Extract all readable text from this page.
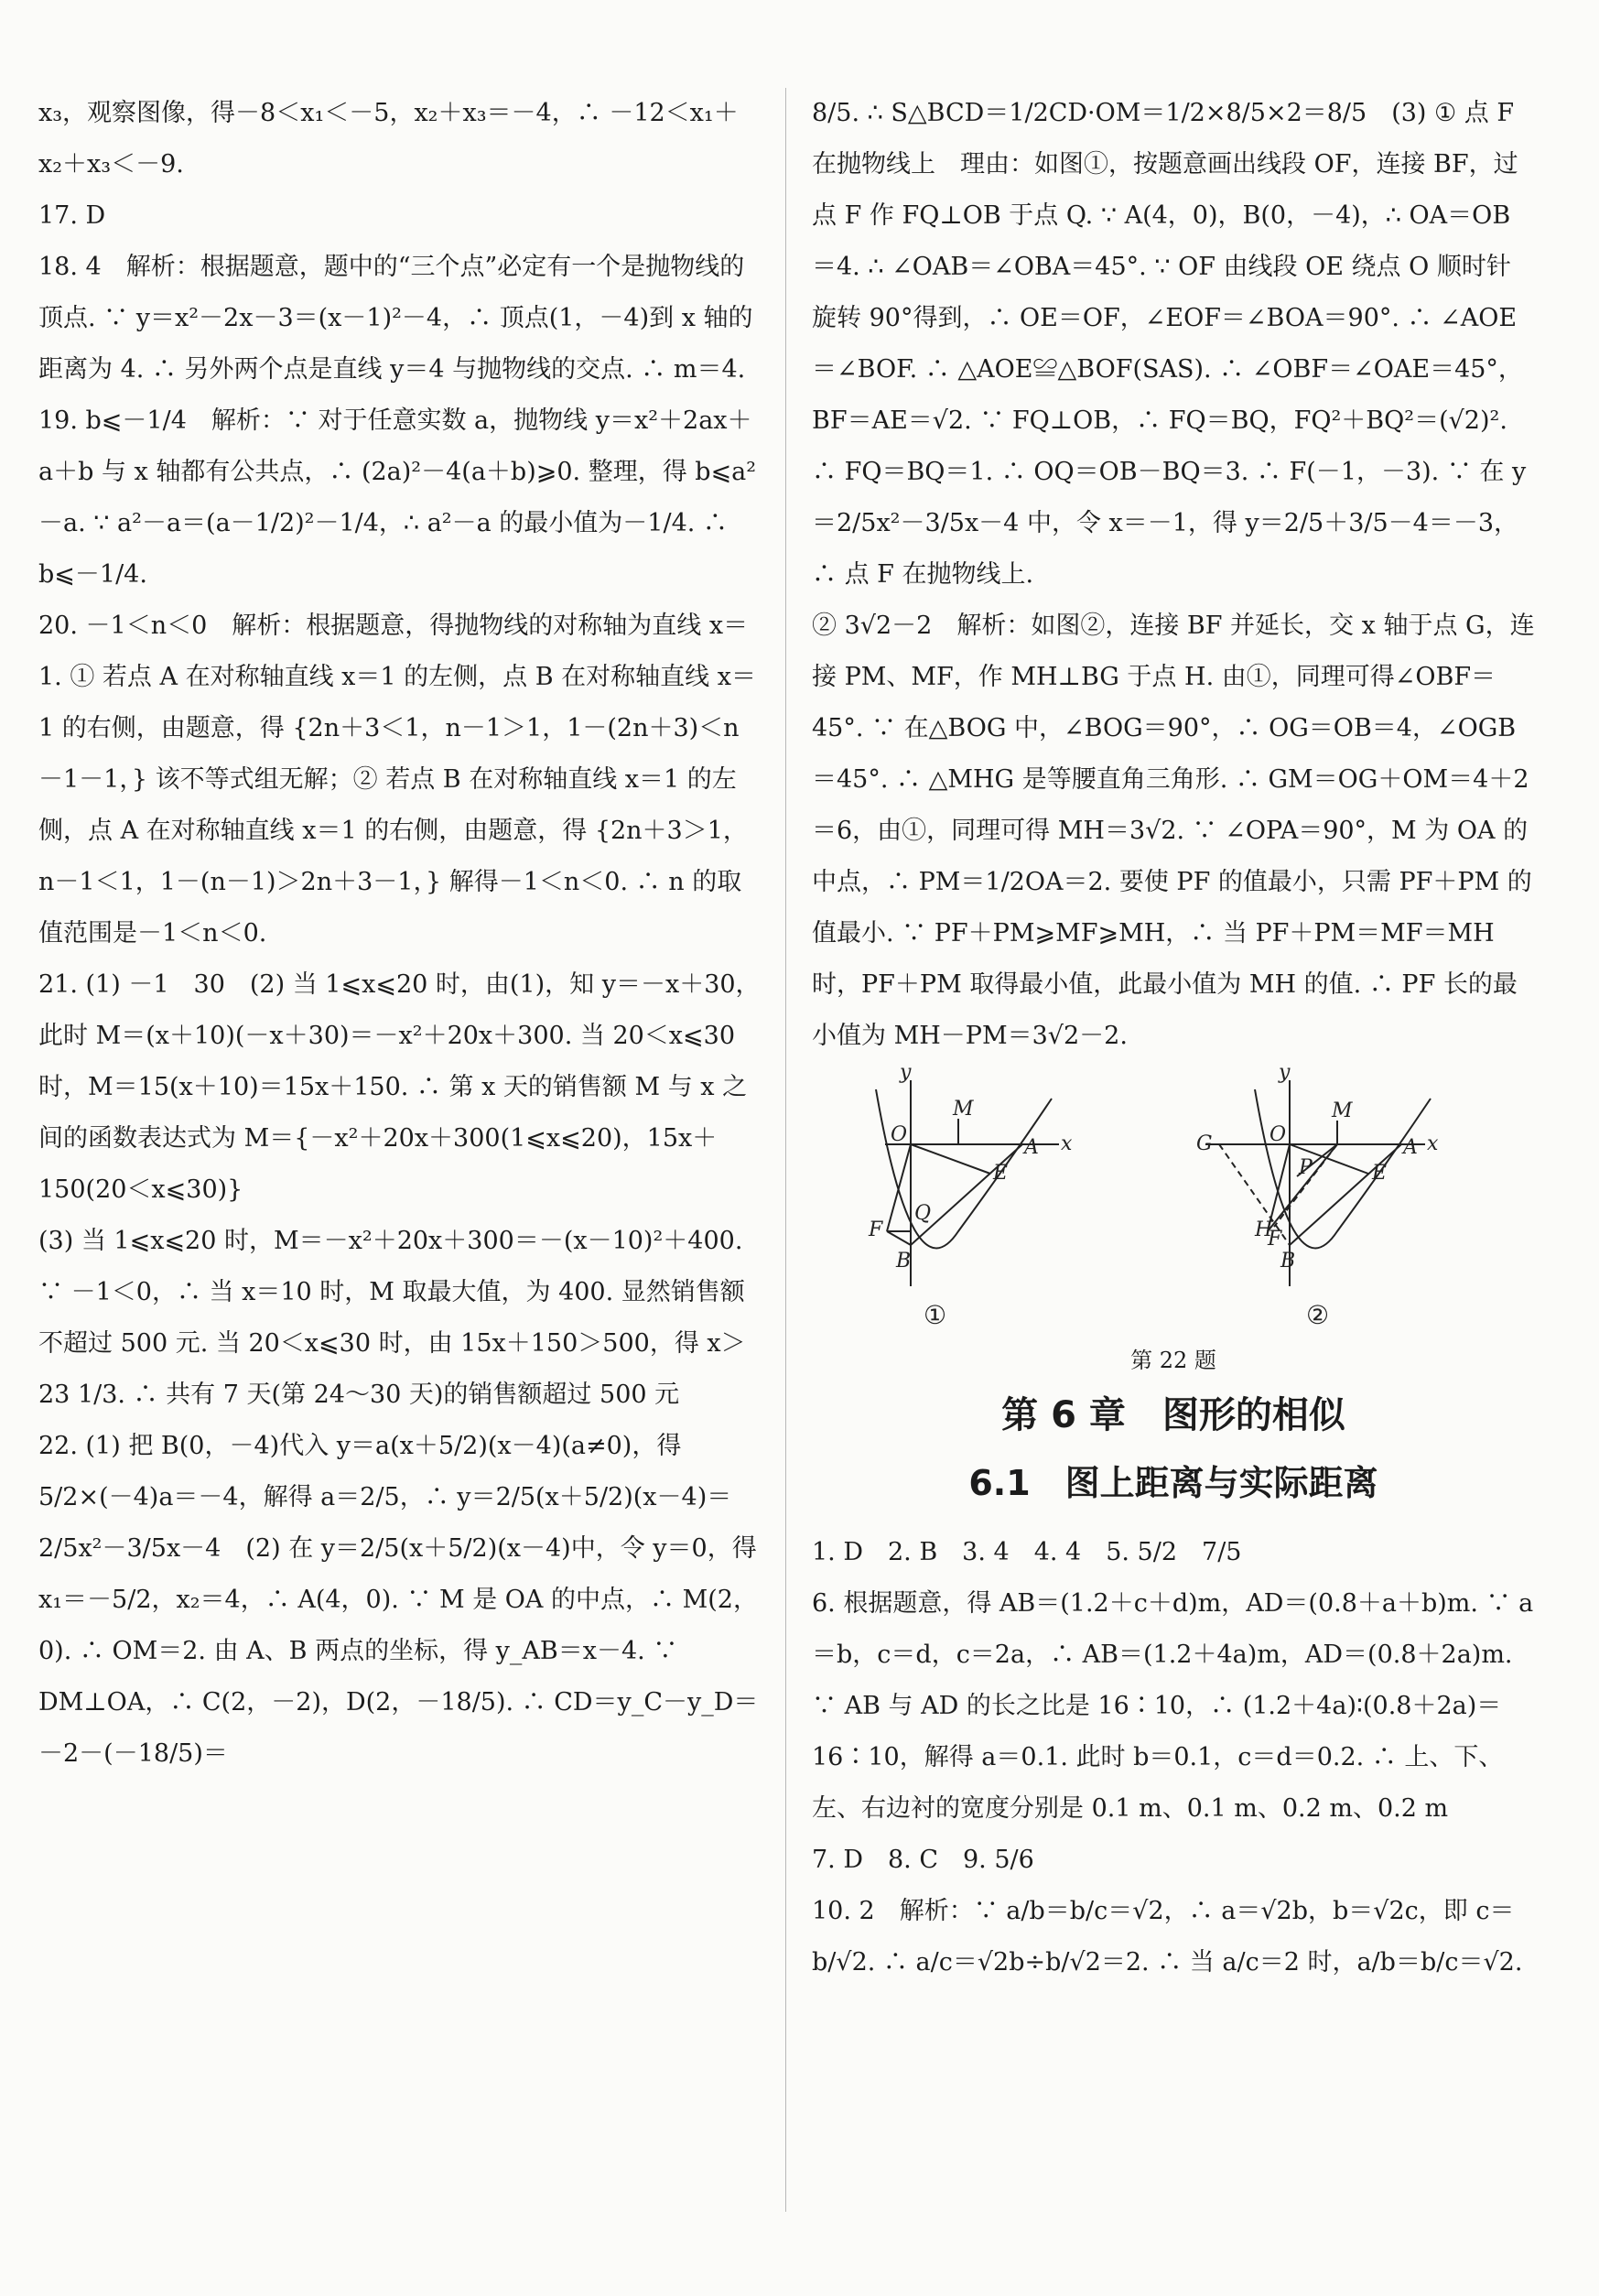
x₃，观察图像，得－8＜x₁＜－5，x₂＋x₃＝－4，∴ －12＜x₁＋x₂＋x₃＜－9.

17. D

18. 4　解析：根据题意，题中的“三个点”必定有一个是抛物线的顶点. ∵ y＝x²－2x－3＝(x－1)²－4，∴ 顶点(1，－4)到 x 轴的距离为 4. ∴ 另外两个点是直线 y＝4 与抛物线的交点. ∴ m＝4.

19. b⩽－1/4　解析：∵ 对于任意实数 a，抛物线 y＝x²＋2ax＋a＋b 与 x 轴都有公共点，∴ (2a)²－4(a＋b)⩾0. 整理，得 b⩽a²－a. ∵ a²－a＝(a－1/2)²－1/4，∴ a²－a 的最小值为－1/4. ∴ b⩽－1/4.

20. －1＜n＜0　解析：根据题意，得抛物线的对称轴为直线 x＝1. ① 若点 A 在对称轴直线 x＝1 的左侧，点 B 在对称轴直线 x＝1 的右侧，由题意，得 {2n＋3＜1，n－1＞1，1－(2n＋3)＜n－1－1，} 该不等式组无解；② 若点 B 在对称轴直线 x＝1 的左侧，点 A 在对称轴直线 x＝1 的右侧，由题意，得 {2n＋3＞1，n－1＜1，1－(n－1)＞2n＋3－1，} 解得－1＜n＜0. ∴ n 的取值范围是－1＜n＜0.

21. (1) －1　30　(2) 当 1⩽x⩽20 时，由(1)，知 y＝－x＋30，此时 M＝(x＋10)(－x＋30)＝－x²＋20x＋300. 当 20＜x⩽30 时，M＝15(x＋10)＝15x＋150. ∴ 第 x 天的销售额 M 与 x 之间的函数表达式为 M＝{－x²＋20x＋300(1⩽x⩽20)，15x＋150(20＜x⩽30)}

(3) 当 1⩽x⩽20 时，M＝－x²＋20x＋300＝－(x－10)²＋400. ∵ －1＜0，∴ 当 x＝10 时，M 取最大值，为 400. 显然销售额不超过 500 元. 当 20＜x⩽30 时，由 15x＋150＞500，得 x＞23 1/3. ∴ 共有 7 天(第 24～30 天)的销售额超过 500 元

22. (1) 把 B(0，－4)代入 y＝a(x＋5/2)(x－4)(a≠0)，得 5/2×(－4)a＝－4，解得 a＝2/5，∴ y＝2/5(x＋5/2)(x－4)＝2/5x²－3/5x－4　(2) 在 y＝2/5(x＋5/2)(x－4)中，令 y＝0，得 x₁＝－5/2，x₂＝4，∴ A(4，0). ∵ M 是 OA 的中点，∴ M(2，0). ∴ OM＝2. 由 A、B 两点的坐标，得 y_AB＝x－4. ∵ DM⊥OA，∴ C(2，－2)，D(2，－18/5). ∴ CD＝y_C－y_D＝－2－(－18/5)＝

8/5. ∴ S△BCD＝1/2CD·OM＝1/2×8/5×2＝8/5　(3) ① 点 F 在抛物线上　理由：如图①，按题意画出线段 OF，连接 BF，过点 F 作 FQ⊥OB 于点 Q. ∵ A(4，0)，B(0，－4)，∴ OA＝OB＝4. ∴ ∠OAB＝∠OBA＝45°. ∵ OF 由线段 OE 绕点 O 顺时针旋转 90°得到，∴ OE＝OF，∠EOF＝∠BOA＝90°. ∴ ∠AOE＝∠BOF. ∴ △AOE≌△BOF(SAS). ∴ ∠OBF＝∠OAE＝45°，BF＝AE＝√2. ∵ FQ⊥OB，∴ FQ＝BQ，FQ²＋BQ²＝(√2)². ∴ FQ＝BQ＝1. ∴ OQ＝OB－BQ＝3. ∴ F(－1，－3). ∵ 在 y＝2/5x²－3/5x－4 中，令 x＝－1，得 y＝2/5＋3/5－4＝－3，∴ 点 F 在抛物线上.

② 3√2－2　解析：如图②，连接 BF 并延长，交 x 轴于点 G，连接 PM、MF，作 MH⊥BG 于点 H. 由①，同理可得∠OBF＝45°. ∵ 在△BOG 中，∠BOG＝90°，∴ OG＝OB＝4，∠OGB＝45°. ∴ △MHG 是等腰直角三角形. ∴ GM＝OG＋OM＝4＋2＝6，由①，同理可得 MH＝3√2. ∵ ∠OPA＝90°，M 为 OA 的中点，∴ PM＝1/2OA＝2. 要使 PF 的值最小，只需 PF＋PM 的值最小. ∵ PF＋PM⩾MF⩾MH，∴ 当 PF＋PM＝MF＝MH 时，PF＋PM 取得最小值，此最小值为 MH 的值. ∴ PF 长的最小值为 MH－PM＝3√2－2.

y
x
O
M
A
E
Q
F
B
①
y
x
G	O
M
A
P	E
H
F
B
②
第 22 题
第 6 章　图形的相似
6.1　图上距离与实际距离

1. D　2. B　3. 4　4. 4　5. 5/2　7/5

6. 根据题意，得 AB＝(1.2＋c＋d)m，AD＝(0.8＋a＋b)m. ∵ a＝b，c＝d，c＝2a，∴ AB＝(1.2＋4a)m，AD＝(0.8＋2a)m. ∵ AB 与 AD 的长之比是 16∶10，∴ (1.2＋4a)∶(0.8＋2a)＝16∶10，解得 a＝0.1. 此时 b＝0.1，c＝d＝0.2. ∴ 上、下、左、右边衬的宽度分别是 0.1 m、0.1 m、0.2 m、0.2 m

7. D　8. C　9. 5/6

10. 2　解析：∵ a/b＝b/c＝√2，∴ a＝√2b，b＝√2c，即 c＝b/√2. ∴ a/c＝√2b÷b/√2＝2. ∴ 当 a/c＝2 时，a/b＝b/c＝√2.
